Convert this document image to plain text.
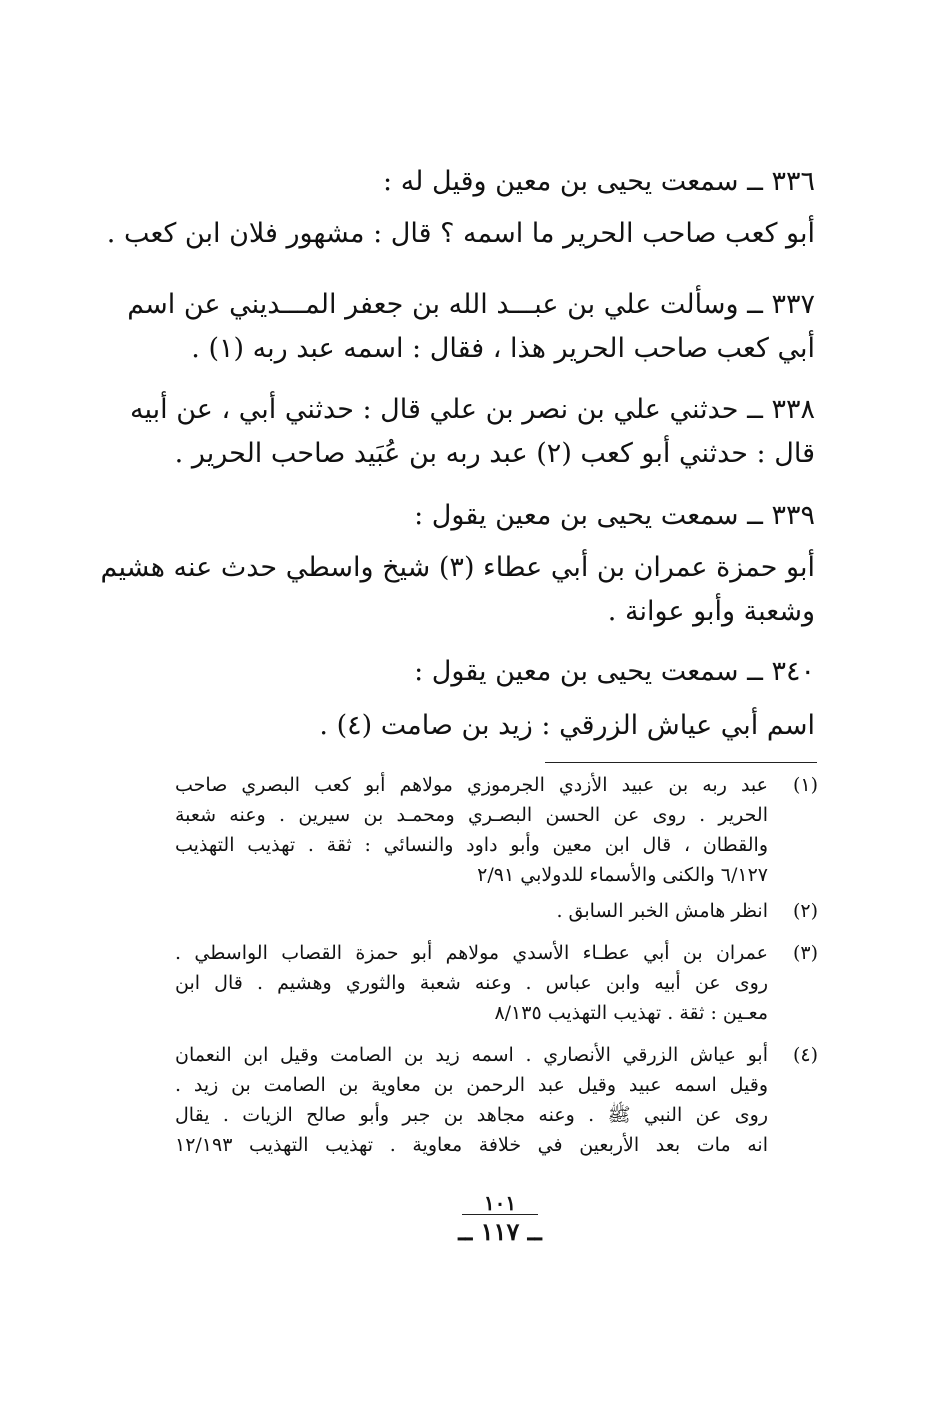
٣٣٦ ــ سمعت يحيى بن معين وقيل له :
أبو كعب صاحب الحرير ما اسمه ؟ قال : مشهور فلان ابن كعب .
٣٣٧ ــ وسألت علي بن عبـــد الله بن جعفر المـــديني عن اسم
أبي كعب صاحب الحرير هذا ، فقال : اسمه عبد ربه (١) .
٣٣٨ ــ حدثني علي بن نصر بن علي قال : حدثني أبي ، عن أبيه
قال : حدثني أبو كعب (٢) عبد ربه بن عُبَيد صاحب الحرير .
٣٣٩ ــ سمعت يحيى بن معين يقول :
أبو حمزة عمران بن أبي عطاء (٣) شيخ واسطي حدث عنه هشيم
وشعبة وأبو عوانة .
٣٤٠ ــ سمعت يحيى بن معين يقول :
اسم أبي عياش الزرقي : زيد بن صامت (٤) .
(١)
عبد ربه بن عبيد الأزدي الجرموزي مولاهم أبو كعب البصري صاحب
الحرير . روى عن الحسن البصـري ومحمـد بن سيرين . وعنه شعبة
والقطان ، قال ابن معين وأبو داود والنسائي : ثقة . تهذيب التهذيب
٦/١٢٧ والكنى والأسماء للدولابي ٢/٩١
(٢)
انظر هامش الخبر السابق .
(٣)
عمران بن أبي عطـاء الأسدي مولاهم أبو حمزة القصاب الواسطي .
روى عن أبيه وابن عباس . وعنه شعبة والثوري وهشيم . قال ابن
معـين : ثقة . تهذيب التهذيب ٨/١٣٥
(٤)
أبو عياش الزرقي الأنصاري . اسمه زيد بن الصامت وقيل ابن النعمان
وقيل اسمه عبيد وقيل عبد الرحمن بن معاوية بن الصامت بن زيد .
روى عن النبي ﷺ . وعنه مجاهد بن جبر وأبو صالح الزيات . يقال
انه مات بعد الأربعين في خلافة معاوية . تهذيب التهذيب ١٢/١٩٣
١٠١
ــ ١١٧ ــ
